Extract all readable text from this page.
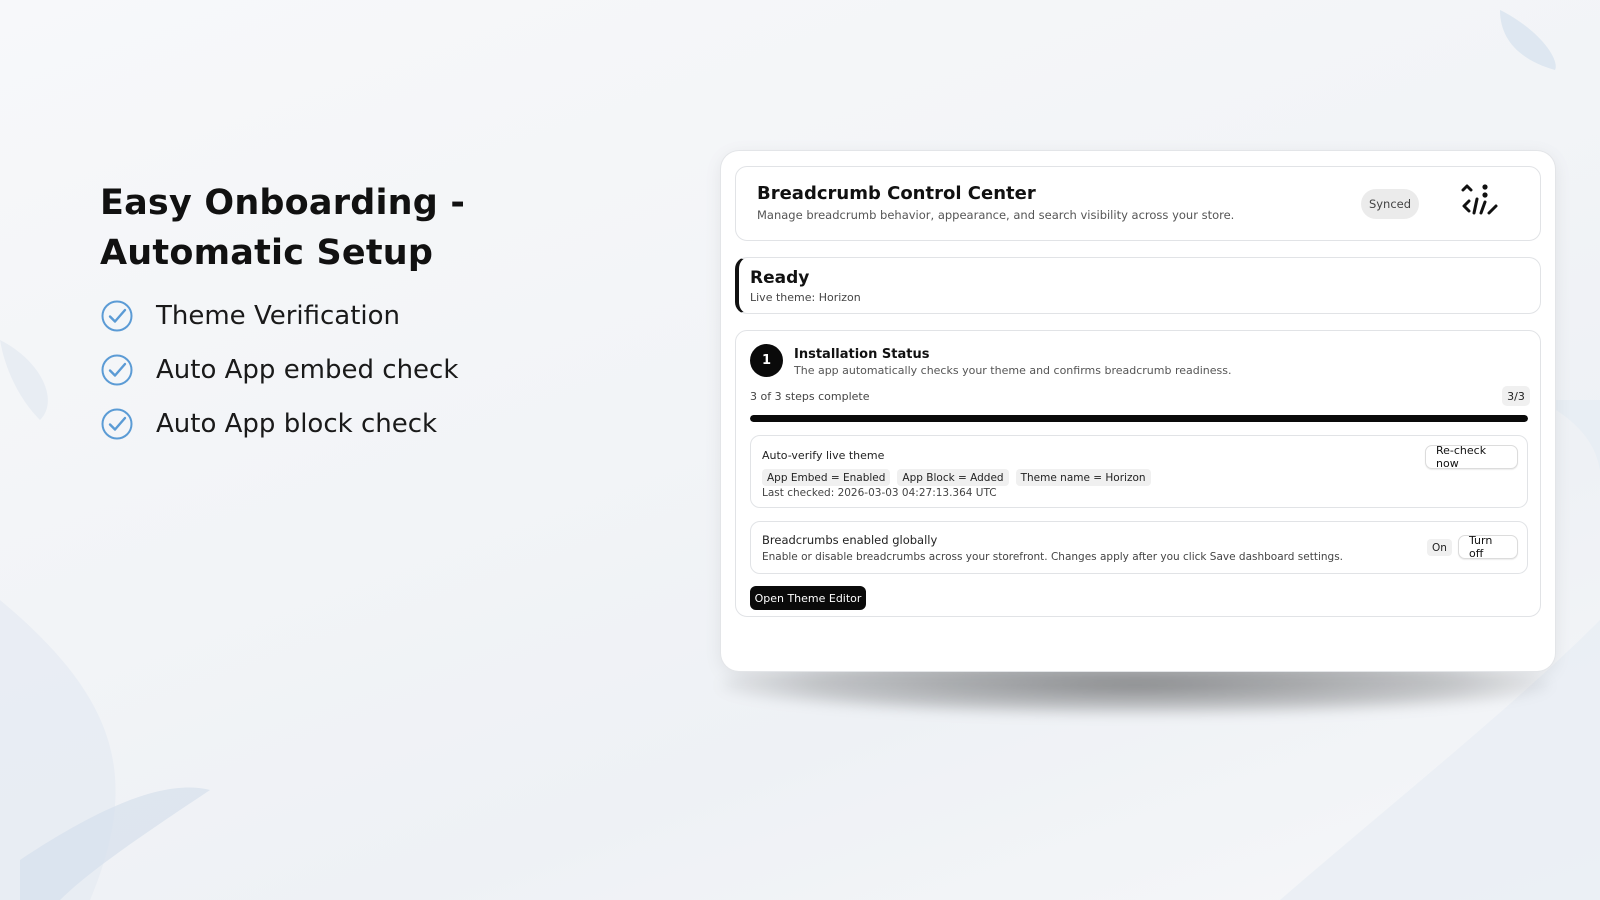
Easy Onboarding - Automatic Setup
Theme Verification
Auto App embed check
Auto App block check
Breadcrumb Control Center
Manage breadcrumb behavior, appearance, and search visibility across your store.
Synced
Ready
Live theme: Horizon
1	Installation Status
The app automatically checks your theme and confirms breadcrumb readiness.
3 of 3 steps complete	3/3
Auto-verify live theme
App Embed = Enabled	App Block = Added	Theme name = Horizon
Last checked: 2026-03-03 04:27:13.364 UTC
Re-check now
Breadcrumbs enabled globally
Enable or disable breadcrumbs across your storefront. Changes apply after you click Save dashboard settings.
On
Turn off
Open Theme Editor
